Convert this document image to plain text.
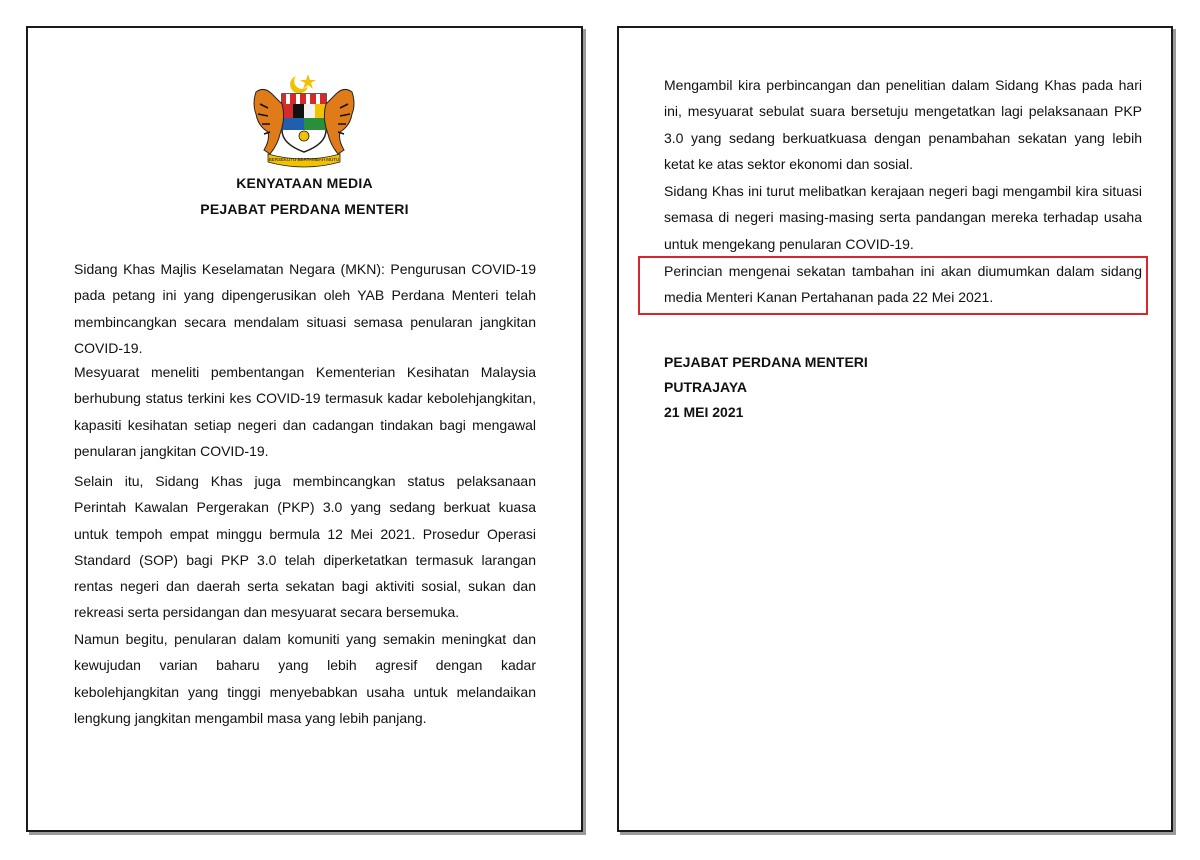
BERSEKUTU BERTAMBAH MUTU
KENYATAAN MEDIA
PEJABAT PERDANA MENTERI

Sidang Khas Majlis Keselamatan Negara (MKN): Pengurusan COVID-19 pada petang ini yang dipengerusikan oleh YAB Perdana Menteri telah membincangkan secara mendalam situasi semasa penularan jangkitan COVID-19.

Mesyuarat meneliti pembentangan Kementerian Kesihatan Malaysia berhubung status terkini kes COVID-19 termasuk kadar kebolehjangkitan, kapasiti kesihatan setiap negeri dan cadangan tindakan bagi mengawal penularan jangkitan COVID-19.

Selain itu, Sidang Khas juga membincangkan status pelaksanaan Perintah Kawalan Pergerakan (PKP) 3.0 yang sedang berkuat kuasa untuk tempoh empat minggu bermula 12 Mei 2021. Prosedur Operasi Standard (SOP) bagi PKP 3.0 telah diperketatkan termasuk larangan rentas negeri dan daerah serta sekatan bagi aktiviti sosial, sukan dan rekreasi serta persidangan dan mesyuarat secara bersemuka.

Namun begitu, penularan dalam komuniti yang semakin meningkat dan kewujudan varian baharu yang lebih agresif dengan kadar kebolehjangkitan yang tinggi menyebabkan usaha untuk melandaikan lengkung jangkitan mengambil masa yang lebih panjang.

Mengambil kira perbincangan dan penelitian dalam Sidang Khas pada hari ini, mesyuarat sebulat suara bersetuju mengetatkan lagi pelaksanaan PKP 3.0 yang sedang berkuatkuasa dengan penambahan sekatan yang lebih ketat ke atas sektor ekonomi dan sosial.

Sidang Khas ini turut melibatkan kerajaan negeri bagi mengambil kira situasi semasa di negeri masing-masing serta pandangan mereka terhadap usaha untuk mengekang penularan COVID-19.

Perincian mengenai sekatan tambahan ini akan diumumkan dalam sidang media Menteri Kanan Pertahanan pada 22 Mei 2021.

PEJABAT PERDANA MENTERI
PUTRAJAYA
21 MEI 2021
